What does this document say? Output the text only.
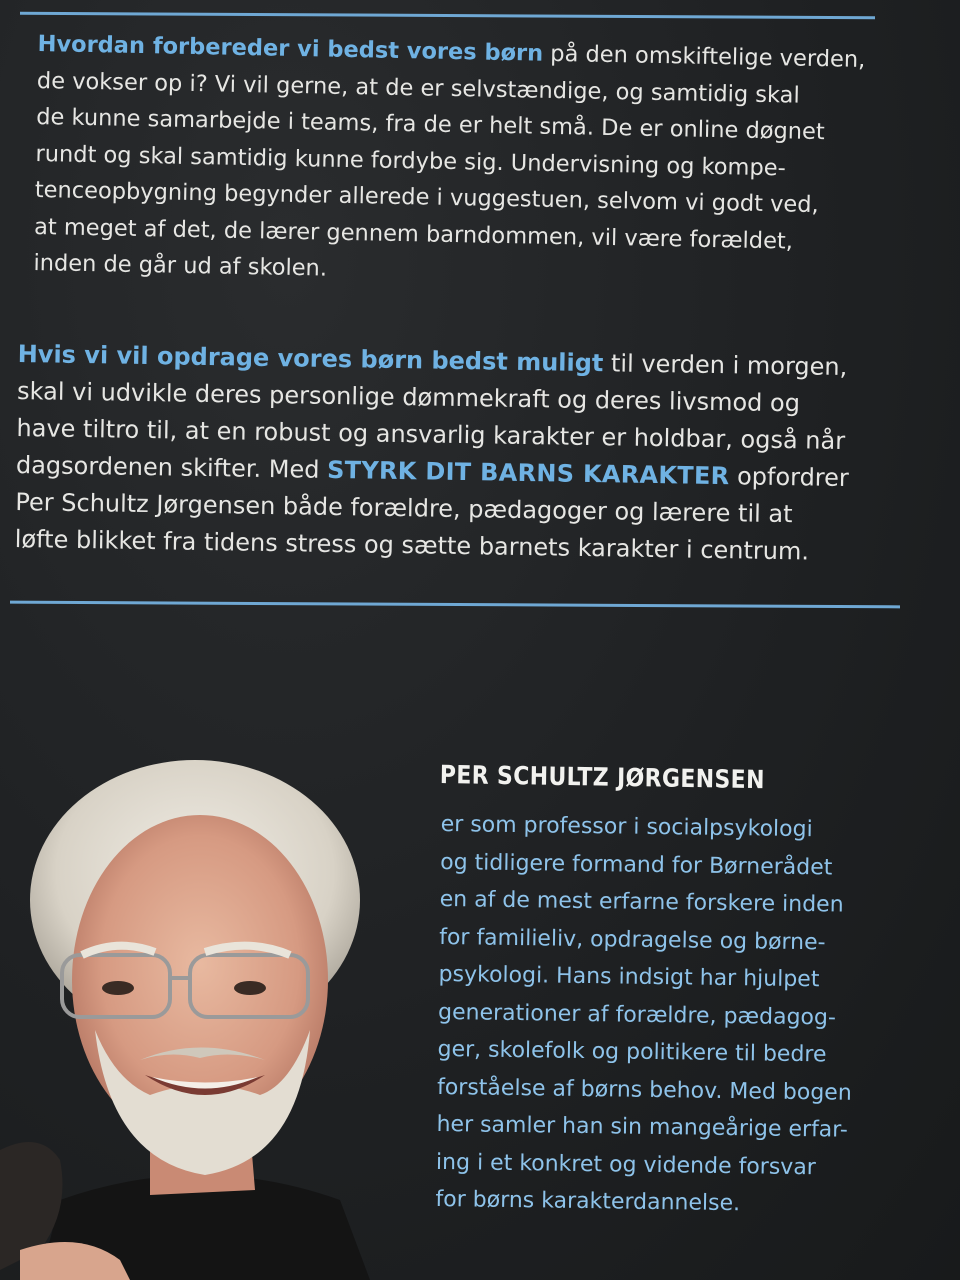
Hvordan forbereder vi bedst vores børn på den omskiftelige verden,
de vokser op i? Vi vil gerne, at de er selvstændige, og samtidig skal
de kunne samarbejde i teams, fra de er helt små. De er online døgnet
rundt og skal samtidig kunne fordybe sig. Undervisning og kompe-
tenceopbygning begynder allerede i vuggestuen, selvom vi godt ved,
at meget af det, de lærer gennem barndommen, vil være forældet,
inden de går ud af skolen.

Hvis vi vil opdrage vores børn bedst muligt til verden i morgen,
skal vi udvikle deres personlige dømmekraft og deres livsmod og
have tiltro til, at en robust og ansvarlig karakter er holdbar, også når
dagsordenen skifter. Med STYRK DIT BARNS KARAKTER opfordrer
Per Schultz Jørgensen både forældre, pædagoger og lærere til at
løfte blikket fra tidens stress og sætte barnets karakter i centrum.

PER SCHULTZ JØRGENSEN

er som professor i socialpsykologi
og tidligere formand for Børnerådet
en af de mest erfarne forskere inden
for familieliv, opdragelse og børne-
psykologi. Hans indsigt har hjulpet
generationer af forældre, pædagog-
ger, skolefolk og politikere til bedre
forståelse af børns behov. Med bogen
her samler han sin mangeårige erfar-
ing i et konkret og vidende forsvar
for børns karakterdannelse.
